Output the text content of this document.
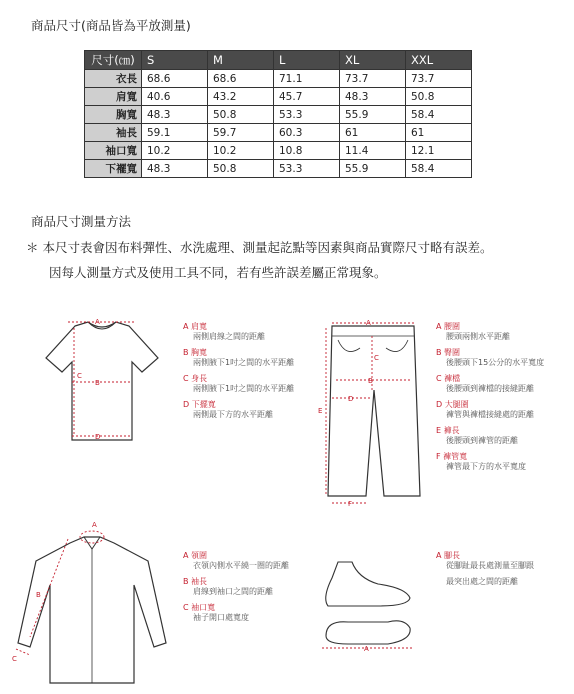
商品尺寸(商品皆為平放測量)
尺寸(㎝)	S	M	L	XL	XXL
衣長	68.6	68.6	71.1	73.7	73.7
肩寬	40.6	43.2	45.7	48.3	50.8
胸寬	48.3	50.8	53.3	55.9	58.4
袖長	59.1	59.7	60.3	61	61
袖口寬	10.2	10.2	10.8	11.4	12.1
下襬寬	48.3	50.8	53.3	55.9	58.4
商品尺寸測量方法
＊ 本尺寸表會因布料彈性、水洗處理、測量起訖點等因素與商品實際尺寸略有誤差。
因每人測量方式及使用工具不同，若有些許誤差屬正常現象。
A
C
B
D
A 肩寬
兩側肩線之間的距離
B 胸寬
兩側腋下1吋之間的水平距離
C 身長
兩側腋下1吋之間的水平距離
D 下擺寬
兩側最下方的水平距離
A
B
C
D
E
F
A 腰圍
腰頭兩側水平距離
B 臀圍
後腰頭下15公分的水平寬度
C 褲檔
後腰頭到褲檔的接縫距離
D 大腿圍
褲管與褲檔接縫處的距離
E 褲長
後腰頭到褲管的距離
F 褲管寬
褲管最下方的水平寬度
A
B
C
A 領圍
衣領內側水平繞一圈的距離
B 袖長
肩線到袖口之間的距離
C 袖口寬
袖子開口處寬度
A
A 腳長
從腳趾最長處測量至腳跟
最突出處之間的距離
